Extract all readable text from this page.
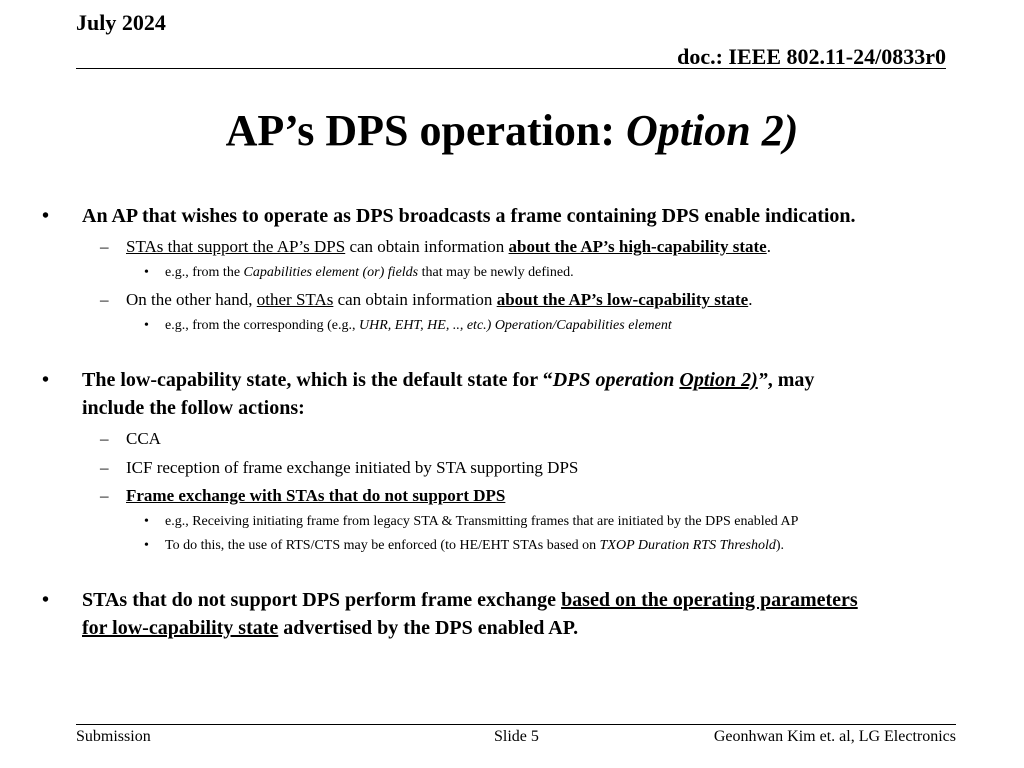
July 2024
doc.: IEEE 802.11-24/0833r0
AP’s DPS operation: Option 2)
• An AP that wishes to operate as DPS broadcasts a frame containing DPS enable indication.
– STAs that support the AP’s DPS can obtain information about the AP’s high-capability state.
• e.g., from the Capabilities element (or) fields that may be newly defined.
– On the other hand, other STAs can obtain information about the AP’s low-capability state.
• e.g., from the corresponding (e.g., UHR, EHT, HE, .., etc.) Operation/Capabilities element
• The low-capability state, which is the default state for “DPS operation Option 2)”, may
include the follow actions:
– CCA
– ICF reception of frame exchange initiated by STA supporting DPS
– Frame exchange with STAs that do not support DPS
• e.g., Receiving initiating frame from legacy STA & Transmitting frames that are initiated by the DPS enabled AP
• To do this, the use of RTS/CTS may be enforced (to HE/EHT STAs based on TXOP Duration RTS Threshold).
• STAs that do not support DPS perform frame exchange based on the operating parameters
for low-capability state advertised by the DPS enabled AP.
Submission	Slide 5	Geonhwan Kim et. al, LG Electronics
